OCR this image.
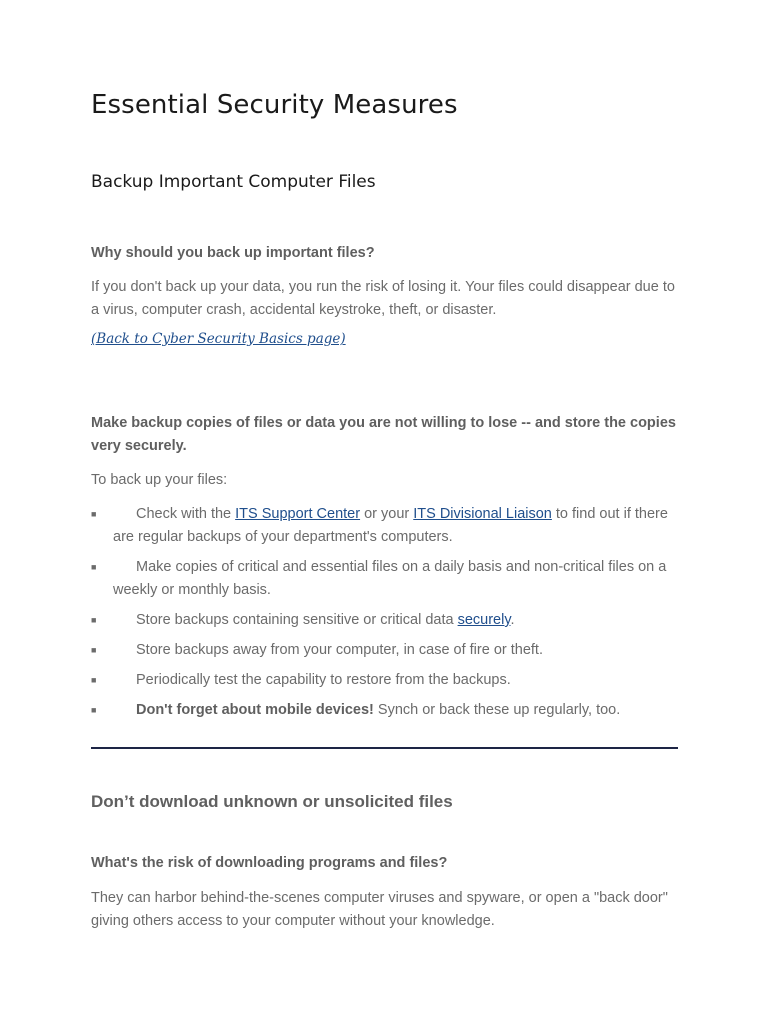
Essential Security Measures
Backup Important Computer Files

Why should you back up important files?

If you don't back up your data, you run the risk of losing it. Your files could disappear due to a virus, computer crash, accidental keystroke, theft, or disaster.

(Back to Cyber Security Basics page)

Make backup copies of files or data you are not willing to lose -- and store the copies very securely.

To back up your files:

■	Check with the ITS Support Center or your ITS Divisional Liaison to find out if there are regular backups of your department's computers.
■	Make copies of critical and essential files on a daily basis and non-critical files on a weekly or monthly basis.
■	Store backups containing sensitive or critical data securely.
■	Store backups away from your computer, in case of fire or theft.
■	Periodically test the capability to restore from the backups.
■	Don't forget about mobile devices! Synch or back these up regularly, too.
Don’t download unknown or unsolicited files

What's the risk of downloading programs and files?

They can harbor behind-the-scenes computer viruses and spyware, or open a "back door" giving others access to your computer without your knowledge.
